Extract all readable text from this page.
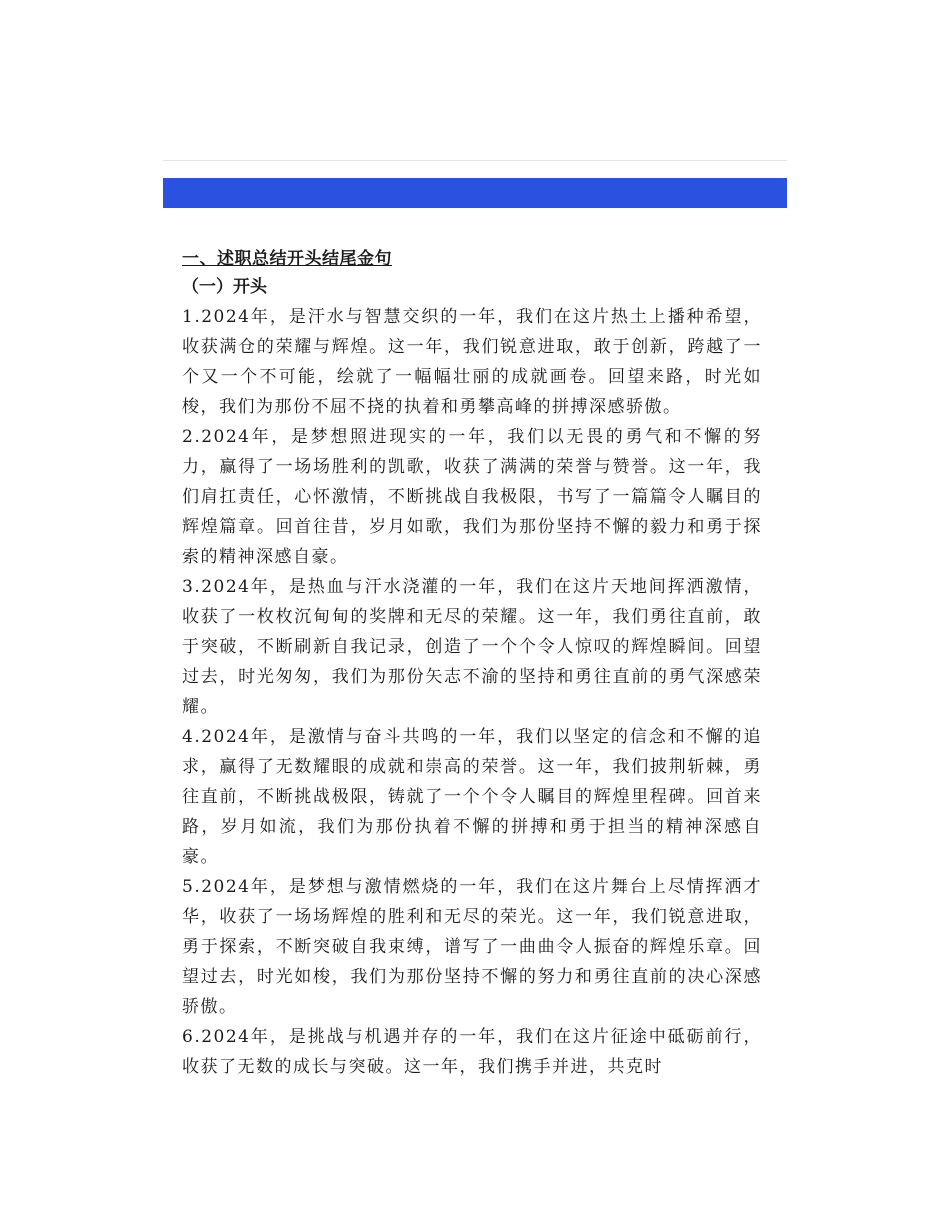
一、述职总结开头结尾金句
（一）开头

1.2024年，是汗水与智慧交织的一年，我们在这片热土上播种希望，收获满仓的荣耀与辉煌。这一年，我们锐意进取，敢于创新，跨越了一个又一个不可能，绘就了一幅幅壮丽的成就画卷。回望来路，时光如梭，我们为那份不屈不挠的执着和勇攀高峰的拼搏深感骄傲。

2.2024年，是梦想照进现实的一年，我们以无畏的勇气和不懈的努力，赢得了一场场胜利的凯歌，收获了满满的荣誉与赞誉。这一年，我们肩扛责任，心怀激情，不断挑战自我极限，书写了一篇篇令人瞩目的辉煌篇章。回首往昔，岁月如歌，我们为那份坚持不懈的毅力和勇于探索的精神深感自豪。

3.2024年，是热血与汗水浇灌的一年，我们在这片天地间挥洒激情，收获了一枚枚沉甸甸的奖牌和无尽的荣耀。这一年，我们勇往直前，敢于突破，不断刷新自我记录，创造了一个个令人惊叹的辉煌瞬间。回望过去，时光匆匆，我们为那份矢志不渝的坚持和勇往直前的勇气深感荣耀。

4.2024年，是激情与奋斗共鸣的一年，我们以坚定的信念和不懈的追求，赢得了无数耀眼的成就和崇高的荣誉。这一年，我们披荆斩棘，勇往直前，不断挑战极限，铸就了一个个令人瞩目的辉煌里程碑。回首来路，岁月如流，我们为那份执着不懈的拼搏和勇于担当的精神深感自豪。

5.2024年，是梦想与激情燃烧的一年，我们在这片舞台上尽情挥洒才华，收获了一场场辉煌的胜利和无尽的荣光。这一年，我们锐意进取，勇于探索，不断突破自我束缚，谱写了一曲曲令人振奋的辉煌乐章。回望过去，时光如梭，我们为那份坚持不懈的努力和勇往直前的决心深感骄傲。

6.2024年，是挑战与机遇并存的一年，我们在这片征途中砥砺前行，收获了无数的成长与突破。这一年，我们携手并进，共克时
